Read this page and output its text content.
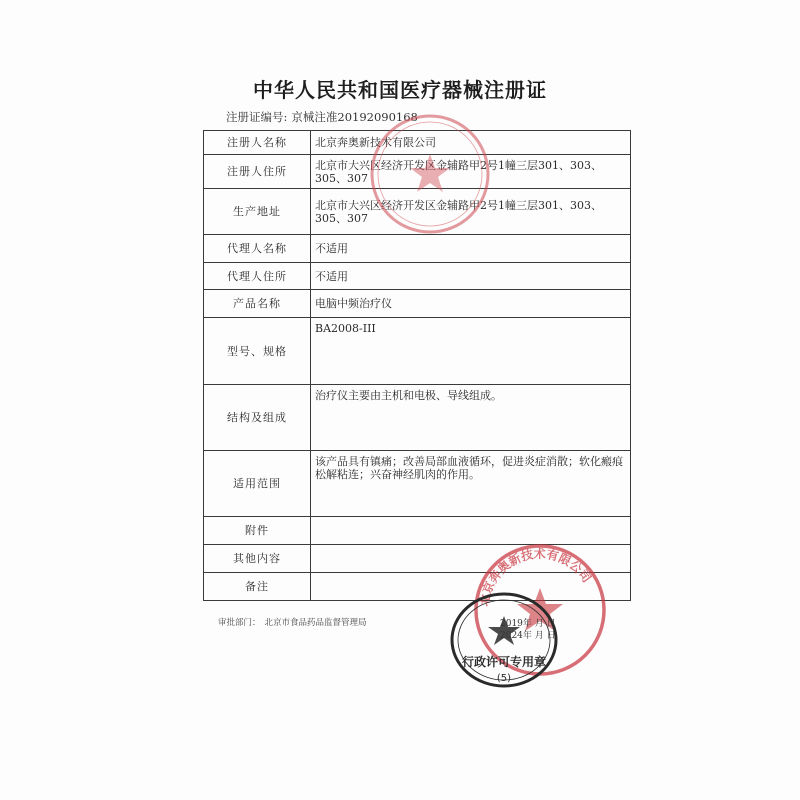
中华人民共和国医疗器械注册证
注册证编号: 京械注准20192090168
注册人名称	北京奔奥新技术有限公司
注册人住所	北京市大兴区经济开发区金辅路甲2号1幢三层301、303、305、307
生产地址	北京市大兴区经济开发区金辅路甲2号1幢三层301、303、305、307
代理人名称	不适用
代理人住所	不适用
产品名称	电脑中频治疗仪
型号、规格	BA2008-III
结构及组成	治疗仪主要由主机和电极、导线组成。
适用范围	该产品具有镇痛；改善局部血液循环，促进炎症消散；软化瘢痕松解粘连；兴奋神经肌肉的作用。
附件	
其他内容	
备注	
审批部门： 北京市食品药品监督管理局
北京奔奥新技术有限公司
行政许可专用章
(5)
2019年 月 日
2024年 月 日
